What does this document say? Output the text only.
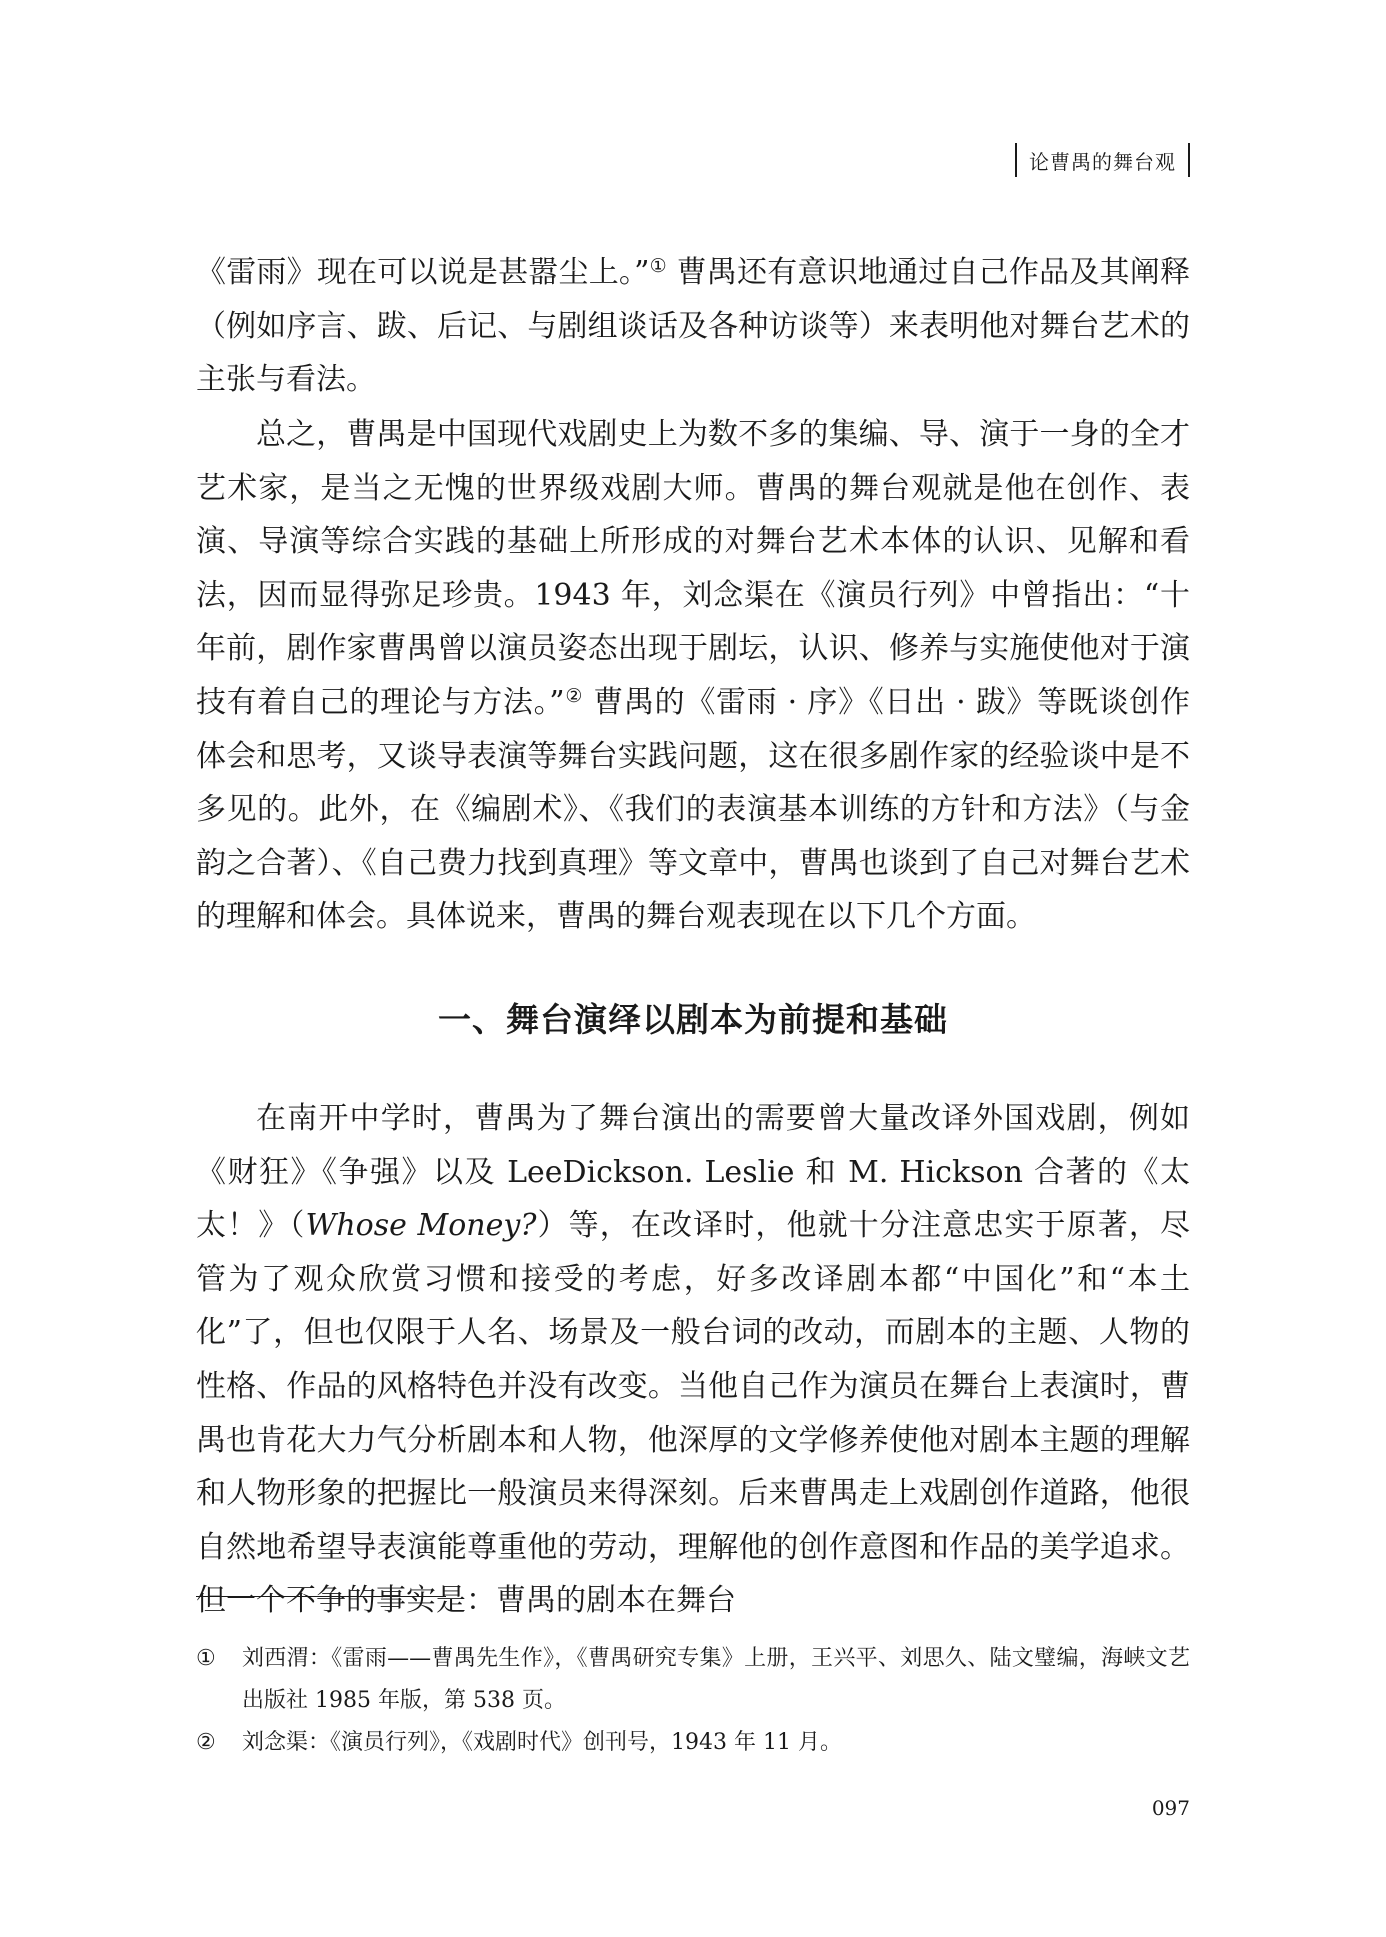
论曹禺的舞台观

《雷雨》现在可以说是甚嚣尘上。”① 曹禺还有意识地通过自己作品及其阐释（例如序言、跋、后记、与剧组谈话及各种访谈等）来表明他对舞台艺术的主张与看法。

总之，曹禺是中国现代戏剧史上为数不多的集编、导、演于一身的全才艺术家，是当之无愧的世界级戏剧大师。曹禺的舞台观就是他在创作、表演、导演等综合实践的基础上所形成的对舞台艺术本体的认识、见解和看法，因而显得弥足珍贵。1943 年，刘念渠在《演员行列》中曾指出：“十年前，剧作家曹禺曾以演员姿态出现于剧坛，认识、修养与实施使他对于演技有着自己的理论与方法。”② 曹禺的《雷雨 · 序》《日出 · 跋》等既谈创作体会和思考，又谈导表演等舞台实践问题，这在很多剧作家的经验谈中是不多见的。此外，在《编剧术》、《我们的表演基本训练的方针和方法》（与金韵之合著）、《自己费力找到真理》等文章中，曹禺也谈到了自己对舞台艺术的理解和体会。具体说来，曹禺的舞台观表现在以下几个方面。

一、舞台演绎以剧本为前提和基础

在南开中学时，曹禺为了舞台演出的需要曾大量改译外国戏剧，例如《财狂》《争强》以及 LeeDickson. Leslie 和 M. Hickson 合著的《太太！》（Whose Money?）等，在改译时，他就十分注意忠实于原著，尽管为了观众欣赏习惯和接受的考虑，好多改译剧本都“中国化”和“本土化”了，但也仅限于人名、场景及一般台词的改动，而剧本的主题、人物的性格、作品的风格特色并没有改变。当他自己作为演员在舞台上表演时，曹禺也肯花大力气分析剧本和人物，他深厚的文学修养使他对剧本主题的理解和人物形象的把握比一般演员来得深刻。后来曹禺走上戏剧创作道路，他很自然地希望导表演能尊重他的劳动，理解他的创作意图和作品的美学追求。但一个不争的事实是：曹禺的剧本在舞台

① 刘西渭：《雷雨——曹禺先生作》，《曹禺研究专集》上册，王兴平、刘思久、陆文璧编，海峡文艺出版社 1985 年版，第 538 页。
② 刘念渠：《演员行列》，《戏剧时代》创刊号，1943 年 11 月。
097
